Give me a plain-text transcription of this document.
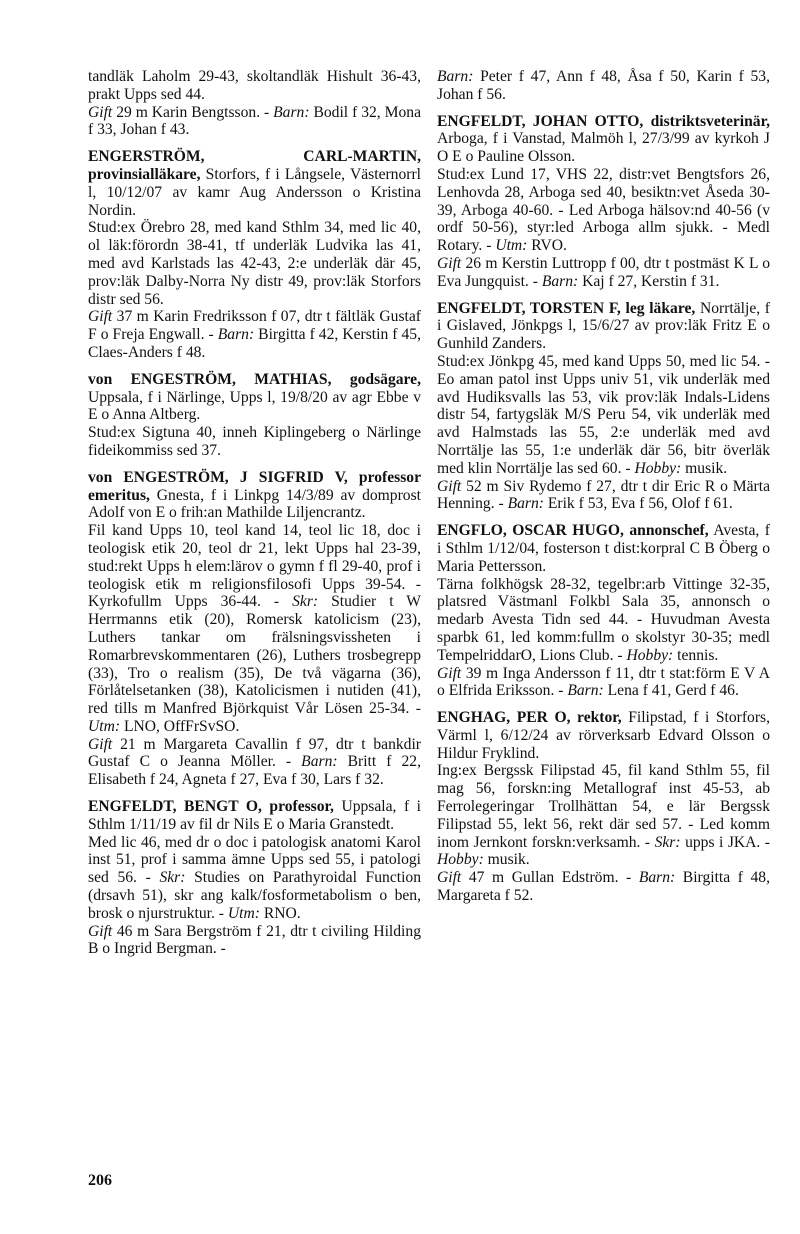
tandläk Laholm 29-43, skoltandläk Hishult 36-43, prakt Upps sed 44.

Gift 29 m Karin Bengtsson. - Barn: Bodil f 32, Mona f 33, Johan f 43.

ENGERSTRÖM, CARL-MARTIN, provinsialläkare, Storfors, f i Långsele, Västernorrl l, 10/12/07 av kamr Aug Andersson o Kristina Nordin.

Stud:ex Örebro 28, med kand Sthlm 34, med lic 40, ol läk:förordn 38-41, tf underläk Ludvika las 41, med avd Karlstads las 42-43, 2:e underläk där 45, prov:läk Dalby-Norra Ny distr 49, prov:läk Storfors distr sed 56.

Gift 37 m Karin Fredriksson f 07, dtr t fältläk Gustaf F o Freja Engwall. - Barn: Birgitta f 42, Kerstin f 45, Claes-Anders f 48.

von ENGESTRÖM, MATHIAS, godsägare, Uppsala, f i Närlinge, Upps l, 19/8/20 av agr Ebbe v E o Anna Altberg.

Stud:ex Sigtuna 40, inneh Kiplingeberg o Närlinge fideikommiss sed 37.

von ENGESTRÖM, J SIGFRID V, professor emeritus, Gnesta, f i Linkpg 14/3/89 av domprost Adolf von E o frih:an Mathilde Liljencrantz.

Fil kand Upps 10, teol kand 14, teol lic 18, doc i teologisk etik 20, teol dr 21, lekt Upps hal 23-39, stud:rekt Upps h elem:lärov o gymn f fl 29-40, prof i teologisk etik m religionsfilosofi Upps 39-54. - Kyrkofullm Upps 36-44. - Skr: Studier t W Herrmanns etik (20), Romersk katolicism (23), Luthers tankar om frälsningsvissheten i Romarbrevskommentaren (26), Luthers trosbegrepp (33), Tro o realism (35), De två vägarna (36), Förlåtelsetanken (38), Katolicismen i nutiden (41), red tills m Manfred Björkquist Vår Lösen 25-34. - Utm: LNO, OffFrSvSO.

Gift 21 m Margareta Cavallin f 97, dtr t bankdir Gustaf C o Jeanna Möller. - Barn: Britt f 22, Elisabeth f 24, Agneta f 27, Eva f 30, Lars f 32.

ENGFELDT, BENGT O, professor, Uppsala, f i Sthlm 1/11/19 av fil dr Nils E o Maria Granstedt.

Med lic 46, med dr o doc i patologisk anatomi Karol inst 51, prof i samma ämne Upps sed 55, i patologi sed 56. - Skr: Studies on Parathyroidal Function (drsavh 51), skr ang kalk/fosformetabolism o ben, brosk o njurstruktur. - Utm: RNO.

Gift 46 m Sara Bergström f 21, dtr t civiling Hilding B o Ingrid Bergman. -

Barn: Peter f 47, Ann f 48, Åsa f 50, Karin f 53, Johan f 56.

ENGFELDT, JOHAN OTTO, distriktsveterinär, Arboga, f i Vanstad, Malmöh l, 27/3/99 av kyrkoh J O E o Pauline Olsson.

Stud:ex Lund 17, VHS 22, distr:vet Bengtsfors 26, Lenhovda 28, Arboga sed 40, besiktn:vet Åseda 30-39, Arboga 40-60. - Led Arboga hälsov:nd 40-56 (v ordf 50-56), styr:led Arboga allm sjukk. - Medl Rotary. - Utm: RVO.

Gift 26 m Kerstin Luttropp f 00, dtr t postmäst K L o Eva Jungquist. - Barn: Kaj f 27, Kerstin f 31.

ENGFELDT, TORSTEN F, leg läkare, Norrtälje, f i Gislaved, Jönkpgs l, 15/6/27 av prov:läk Fritz E o Gunhild Zanders.

Stud:ex Jönkpg 45, med kand Upps 50, med lic 54. - Eo aman patol inst Upps univ 51, vik underläk med avd Hudiksvalls las 53, vik prov:läk Indals-Lidens distr 54, fartygsläk M/S Peru 54, vik underläk med avd Halmstads las 55, 2:e underläk med avd Norrtälje las 55, 1:e underläk där 56, bitr överläk med klin Norrtälje las sed 60. - Hobby: musik.

Gift 52 m Siv Rydemo f 27, dtr t dir Eric R o Märta Henning. - Barn: Erik f 53, Eva f 56, Olof f 61.

ENGFLO, OSCAR HUGO, annonschef, Avesta, f i Sthlm 1/12/04, fosterson t dist:korpral C B Öberg o Maria Pettersson.

Tärna folkhögsk 28-32, tegelbr:arb Vittinge 32-35, platsred Västmanl Folkbl Sala 35, annonsch o medarb Avesta Tidn sed 44. - Huvudman Avesta sparbk 61, led komm:fullm o skolstyr 30-35; medl TempelriddarO, Lions Club. - Hobby: tennis.

Gift 39 m Inga Andersson f 11, dtr t stat:förm E V A o Elfrida Eriksson. - Barn: Lena f 41, Gerd f 46.

ENGHAG, PER O, rektor, Filipstad, f i Storfors, Värml l, 6/12/24 av rörverksarb Edvard Olsson o Hildur Fryklind.

Ing:ex Bergssk Filipstad 45, fil kand Sthlm 55, fil mag 56, forskn:ing Metallograf inst 45-53, ab Ferrolegeringar Trollhättan 54, e lär Bergssk Filipstad 55, lekt 56, rekt där sed 57. - Led komm inom Jernkont forskn:verksamh. - Skr: upps i JKA. - Hobby: musik.

Gift 47 m Gullan Edström. - Barn: Birgitta f 48, Margareta f 52.

206
